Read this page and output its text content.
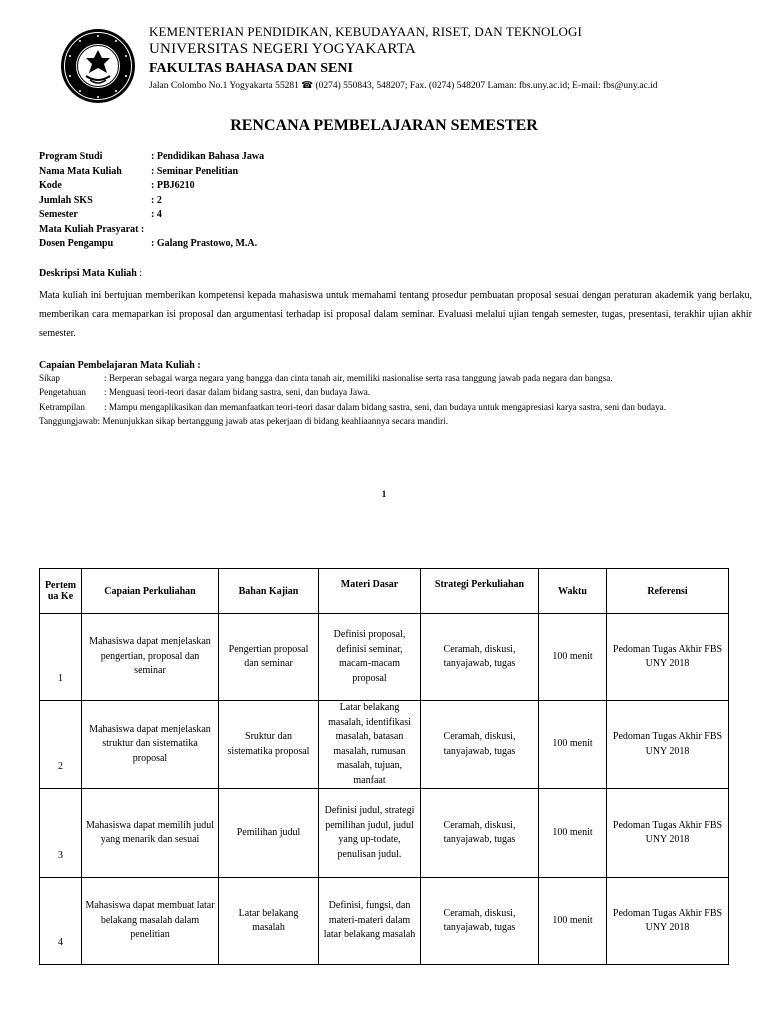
KEMENTERIAN PENDIDIKAN, KEBUDAYAAN, RISET, DAN TEKNOLOGI
UNIVERSITAS NEGERI YOGYAKARTA
FAKULTAS BAHASA DAN SENI
Jalan Colombo No.1 Yogyakarta 55281 ☎ (0274) 550843, 548207; Fax. (0274) 548207 Laman: fbs.uny.ac.id; E-mail: fbs@uny.ac.id
RENCANA PEMBELAJARAN SEMESTER
Program Studi	: Pendidikan Bahasa Jawa
Nama Mata Kuliah	: Seminar Penelitian
Kode	: PBJ6210
Jumlah SKS	: 2
Semester	: 4
Mata Kuliah Prasyarat :
Dosen Pengampu	: Galang Prastowo, M.A.
Deskripsi Mata Kuliah :
Mata kuliah ini bertujuan memberikan kompetensi kepada mahasiswa untuk memahami tentang prosedur pembuatan proposal sesuai dengan peraturan akademik yang berlaku, memberikan cara memaparkan isi proposal dan argumentasi terhadap isi proposal dalam seminar. Evaluasi melalui ujian tengah semester, tugas, presentasi, terakhir ujian akhir semester.
Capaian Pembelajaran Mata Kuliah :
Sikap	: Berperan sebagai warga negara yang bangga dan cinta tanah air, memiliki nasionalise serta rasa tanggung jawab pada negara dan bangsa.
Pengetahuan : Menguasi teori-teori dasar dalam bidang sastra, seni, dan budaya Jawa.
Ketrampilan : Mampu mengaplikasikan dan memanfaatkan teori-teori dasar dalam bidang sastra, seni, dan budaya untuk mengapresiasi karya sastra, seni dan budaya.
Tanggungjawab: Menunjukkan sikap bertanggung jawab atas pekerjaan di bidang keahliaannya secara mandiri.
1
Pertem ua Ke	Capaian Perkuliahan	Bahan Kajian	Materi Dasar	Strategi Perkuliahan	Waktu	Referensi
1	Mahasiswa dapat menjelaskan pengertian, proposal dan seminar	Pengertian proposal dan seminar	Definisi proposal, definisi seminar, macam-macam proposal	Ceramah, diskusi, tanyajawab, tugas	100 menit	Pedoman Tugas Akhir FBS UNY 2018
2	Mahasiswa dapat menjelaskan struktur dan sistematika proposal	Sruktur dan sistematika proposal	Latar belakang masalah, identifikasi masalah, batasan masalah, rumusan masalah, tujuan, manfaat	Ceramah, diskusi, tanyajawab, tugas	100 menit	Pedoman Tugas Akhir FBS UNY 2018
3	Mahasiswa dapat memilih judul yang menarik dan sesuai	Pemilihan judul	Definisi judul, strategi pemilihan judul, judul yang up-todate, penulisan judul.	Ceramah, diskusi, tanyajawab, tugas	100 menit	Pedoman Tugas Akhir FBS UNY 2018
4	Mahasiswa dapat membuat latar belakang masalah dalam penelitian	Latar belakang masalah	Definisi, fungsi, dan materi-materi dalam latar belakang masalah	Ceramah, diskusi, tanyajawab, tugas	100 menit	Pedoman Tugas Akhir FBS UNY 2018
